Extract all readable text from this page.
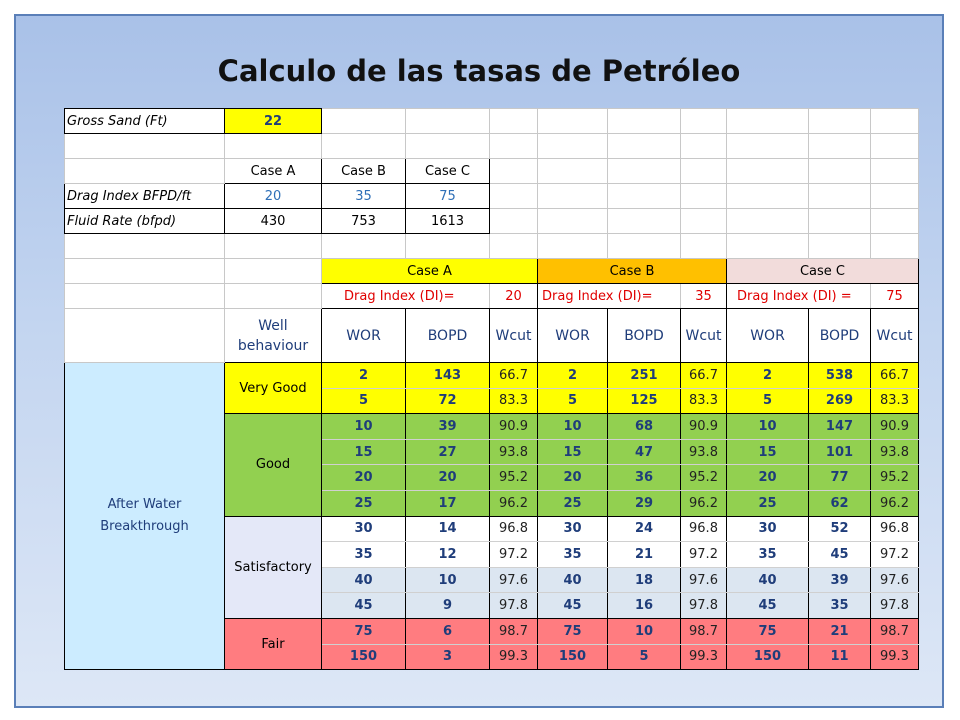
Calculo de las tasas de Petróleo
Gross Sand (Ft)	22									

	Case A	Case B	Case C							
Drag Index BFPD/ft	20	35	75							
Fluid Rate (bfpd)	430	753	1613							

		Case A			Case B			Case C		
		Drag Index (DI)=		20	Drag Index (DI)=		35	Drag Index (DI) =		75
	Well behaviour	WOR	BOPD	Wcut	WOR	BOPD	Wcut	WOR	BOPD	Wcut
After Water Breakthrough	Very Good	2	143	66.7	2	251	66.7	2	538	66.7
		5	72	83.3	5	125	83.3	5	269	83.3
	Good	10	39	90.9	10	68	90.9	10	147	90.9
		15	27	93.8	15	47	93.8	15	101	93.8
		20	20	95.2	20	36	95.2	20	77	95.2
		25	17	96.2	25	29	96.2	25	62	96.2
	Satisfactory	30	14	96.8	30	24	96.8	30	52	96.8
		35	12	97.2	35	21	97.2	35	45	97.2
		40	10	97.6	40	18	97.6	40	39	97.6
		45	9	97.8	45	16	97.8	45	35	97.8
	Fair	75	6	98.7	75	10	98.7	75	21	98.7
		150	3	99.3	150	5	99.3	150	11	99.3
